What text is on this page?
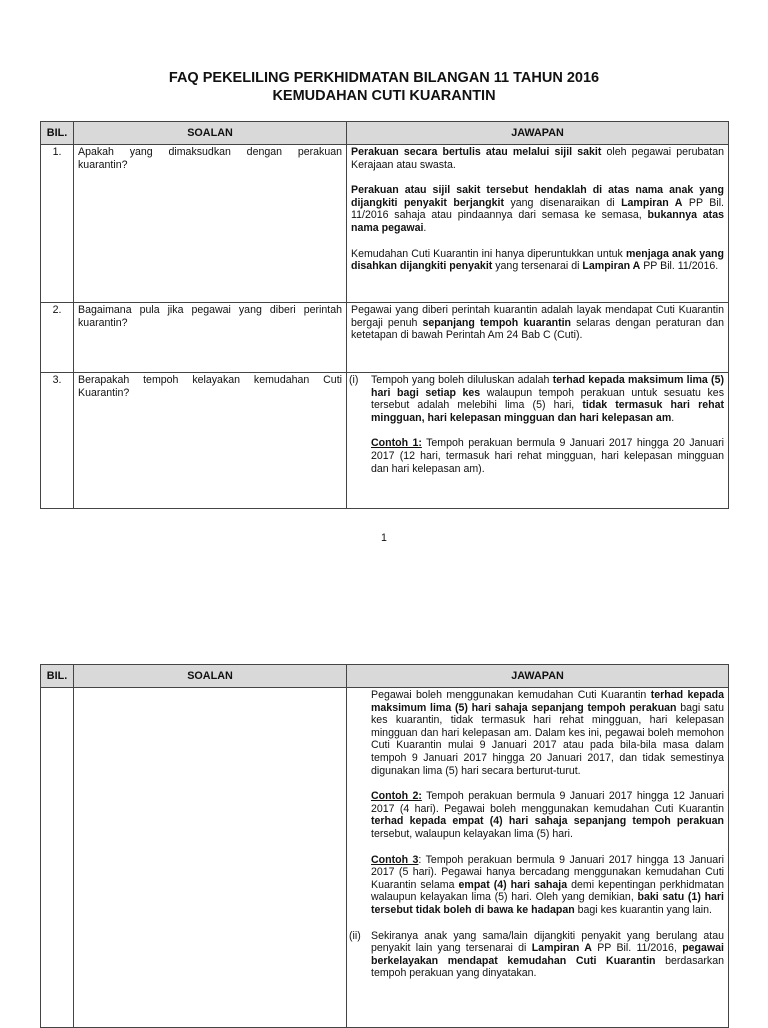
FAQ PEKELILING PERKHIDMATAN BILANGAN 11 TAHUN 2016
KEMUDAHAN CUTI KUARANTIN
BIL.	SOALAN	JAWAPAN
1.	Apakah yang dimaksudkan dengan perakuan kuarantin?	Perakuan secara bertulis atau melalui sijil sakit oleh pegawai perubatan Kerajaan atau swasta.

Perakuan atau sijil sakit tersebut hendaklah di atas nama anak yang dijangkiti penyakit berjangkit yang disenaraikan di Lampiran A PP Bil. 11/2016 sahaja atau pindaannya dari semasa ke semasa, bukannya atas nama pegawai.

Kemudahan Cuti Kuarantin ini hanya diperuntukkan untuk menjaga anak yang disahkan dijangkiti penyakit yang tersenarai di Lampiran A PP Bil. 11/2016.

2.	Bagaimana pula jika pegawai yang diberi perintah kuarantin?	Pegawai yang diberi perintah kuarantin adalah layak mendapat Cuti Kuarantin bergaji penuh sepanjang tempoh kuarantin selaras dengan peraturan dan ketetapan di bawah Perintah Am 24 Bab C (Cuti).

3.	Berapakah tempoh kelayakan kemudahan Cuti Kuarantin?	(i) Tempoh yang boleh diluluskan adalah terhad kepada maksimum lima (5) hari bagi setiap kes walaupun tempoh perakuan untuk sesuatu kes tersebut adalah melebihi lima (5) hari, tidak termasuk hari rehat mingguan, hari kelepasan mingguan dan hari kelepasan am.

Contoh 1: Tempoh perakuan bermula 9 Januari 2017 hingga 20 Januari 2017 (12 hari, termasuk hari rehat mingguan, hari kelepasan mingguan dan hari kelepasan am).

1
BIL.	SOALAN	JAWAPAN

		Pegawai boleh menggunakan kemudahan Cuti Kuarantin terhad kepada maksimum lima (5) hari sahaja sepanjang tempoh perakuan bagi satu kes kuarantin, tidak termasuk hari rehat mingguan, hari kelepasan mingguan dan hari kelepasan am. Dalam kes ini, pegawai boleh memohon Cuti Kuarantin mulai 9 Januari 2017 atau pada bila-bila masa dalam tempoh 9 Januari 2017 hingga 20 Januari 2017, dan tidak semestinya digunakan lima (5) hari secara berturut-turut.

Contoh 2: Tempoh perakuan bermula 9 Januari 2017 hingga 12 Januari 2017 (4 hari). Pegawai boleh menggunakan kemudahan Cuti Kuarantin terhad kepada empat (4) hari sahaja sepanjang tempoh perakuan tersebut, walaupun kelayakan lima (5) hari.

Contoh 3: Tempoh perakuan bermula 9 Januari 2017 hingga 13 Januari 2017 (5 hari). Pegawai hanya bercadang menggunakan kemudahan Cuti Kuarantin selama empat (4) hari sahaja demi kepentingan perkhidmatan walaupun kelayakan lima (5) hari. Oleh yang demikian, baki satu (1) hari tersebut tidak boleh di bawa ke hadapan bagi kes kuarantin yang lain.

(ii) Sekiranya anak yang sama/lain dijangkiti penyakit yang berulang atau penyakit lain yang tersenarai di Lampiran A PP Bil. 11/2016, pegawai berkelayakan mendapat kemudahan Cuti Kuarantin berdasarkan tempoh perakuan yang dinyatakan.
